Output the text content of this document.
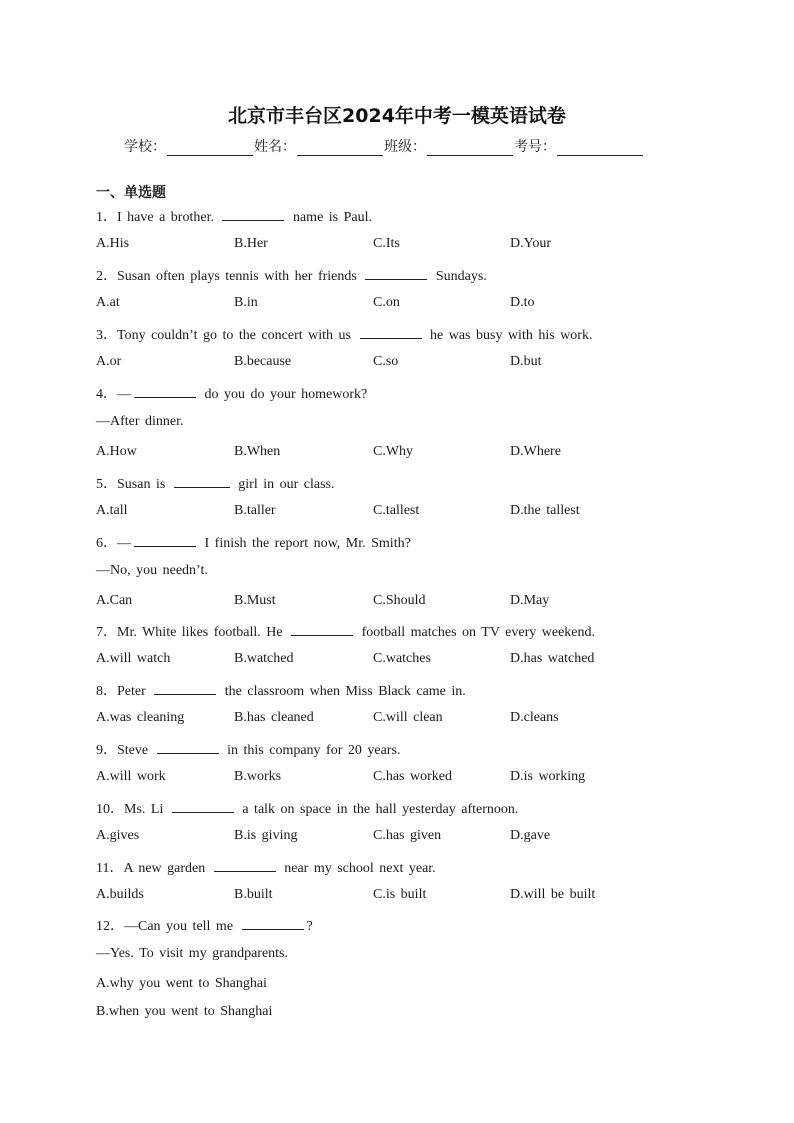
北京市丰台区2024年中考一模英语试卷
学校：	姓名：	班级：	考号：
一、单选题
1．I have a brother.	name is Paul.
A.His	B.Her	C.Its	D.Your
2．Susan often plays tennis with her friends	Sundays.
A.at	B.in	C.on	D.to
3．Tony couldn’t go to the concert with us	he was busy with his work.
A.or	B.because	C.so	D.but
4．—	do you do your homework?
—After dinner.
A.How	B.When	C.Why	D.Where
5．Susan is	girl in our class.
A.tall	B.taller	C.tallest	D.the tallest
6．—	I finish the report now, Mr. Smith?
—No, you needn’t.
A.Can	B.Must	C.Should	D.May
7．Mr. White likes football. He	football matches on TV every weekend.
A.will watch	B.watched	C.watches	D.has watched
8．Peter	the classroom when Miss Black came in.
A.was cleaning	B.has cleaned	C.will clean	D.cleans
9．Steve	in this company for 20 years.
A.will work	B.works	C.has worked	D.is working
10．Ms. Li	a talk on space in the hall yesterday afternoon.
A.gives	B.is giving	C.has given	D.gave
11．A new garden	near my school next year.
A.builds	B.built	C.is built	D.will be built
12．—Can you tell me	?
—Yes. To visit my grandparents.
A.why you went to Shanghai
B.when you went to Shanghai
